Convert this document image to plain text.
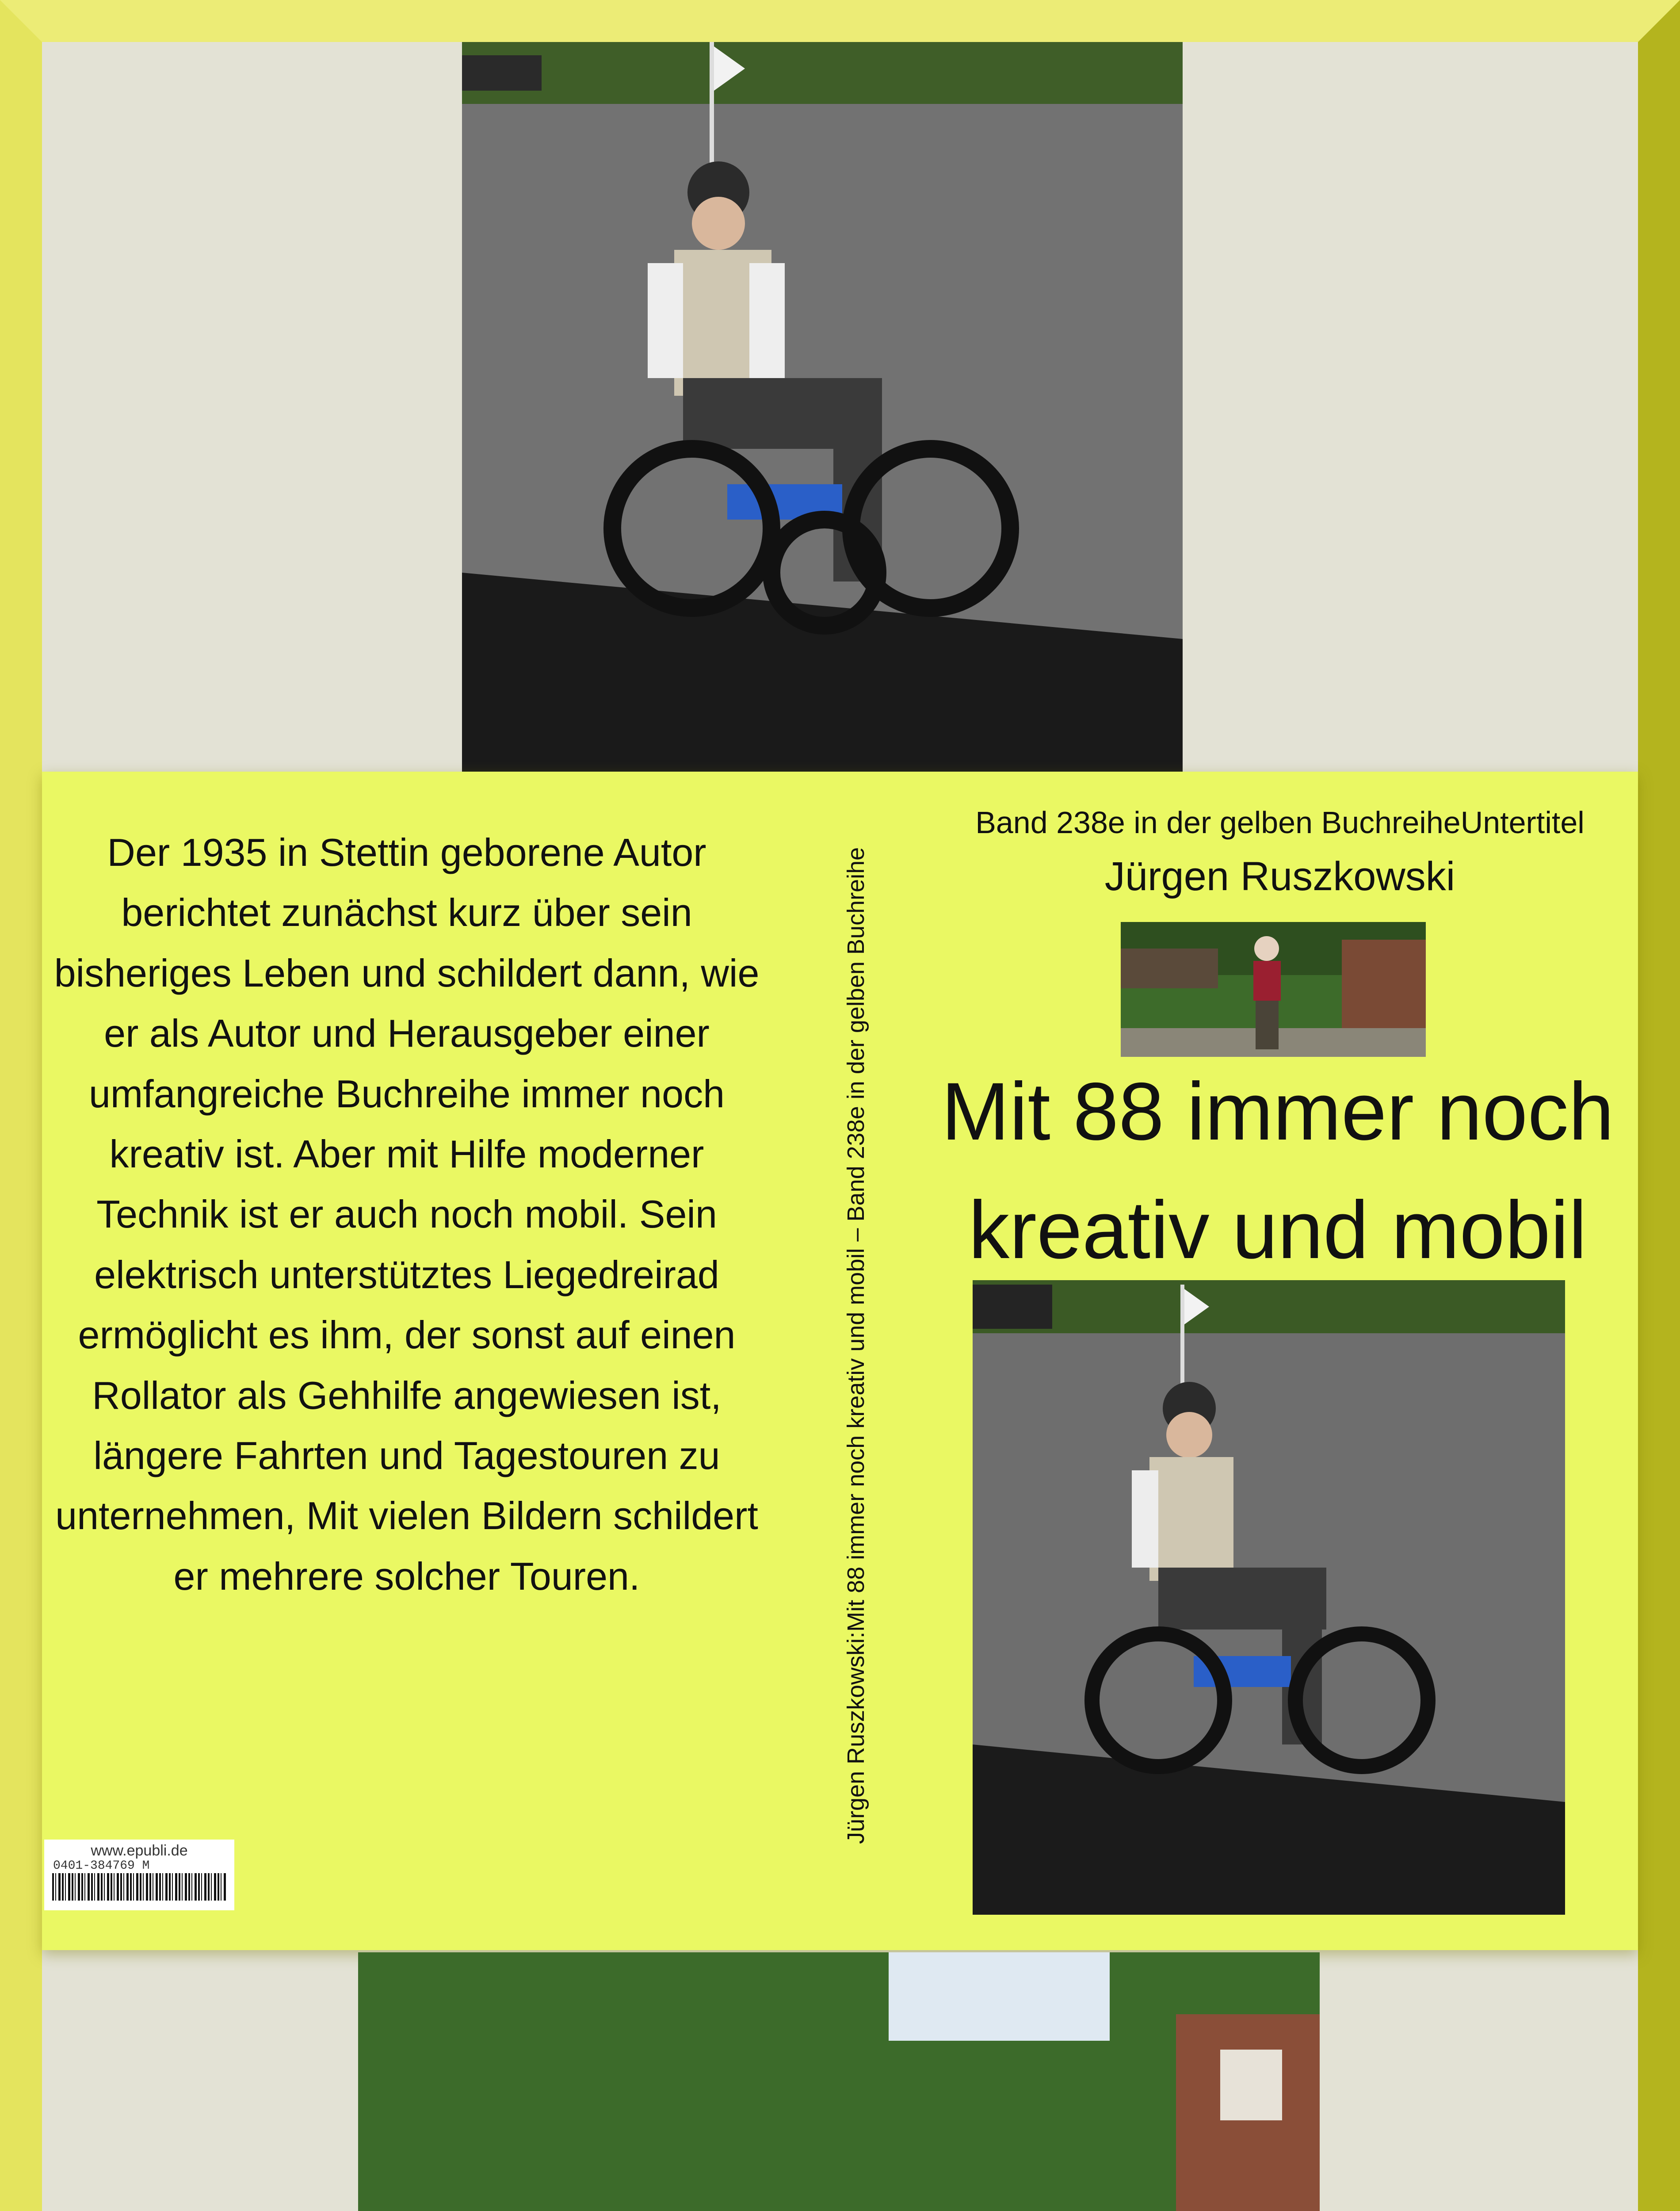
Der 1935 in Stettin geborene Autor berichtet zunächst kurz über sein bisheriges Leben und schildert dann, wie er als Autor und Herausgeber einer umfangreiche Buchreihe immer noch kreativ ist. Aber mit Hilfe moderner Technik ist er auch noch mobil. Sein elektrisch unterstütztes Liegedreirad ermöglicht es ihm, der sonst auf einen Rollator als Gehhilfe angewiesen ist, längere Fahrten und Tagestouren zu unternehmen, Mit vielen Bildern schildert er mehrere solcher Touren.	Jürgen Ruszkowski:Mit 88 immer noch kreativ und mobil – Band 238e in der gelben Buchreihe
Band 238e in der gelben BuchreiheUntertitel
Jürgen Ruszkowski
Mit 88 immer noch
kreativ und mobil
www.epubli.de
0401-384769 M
